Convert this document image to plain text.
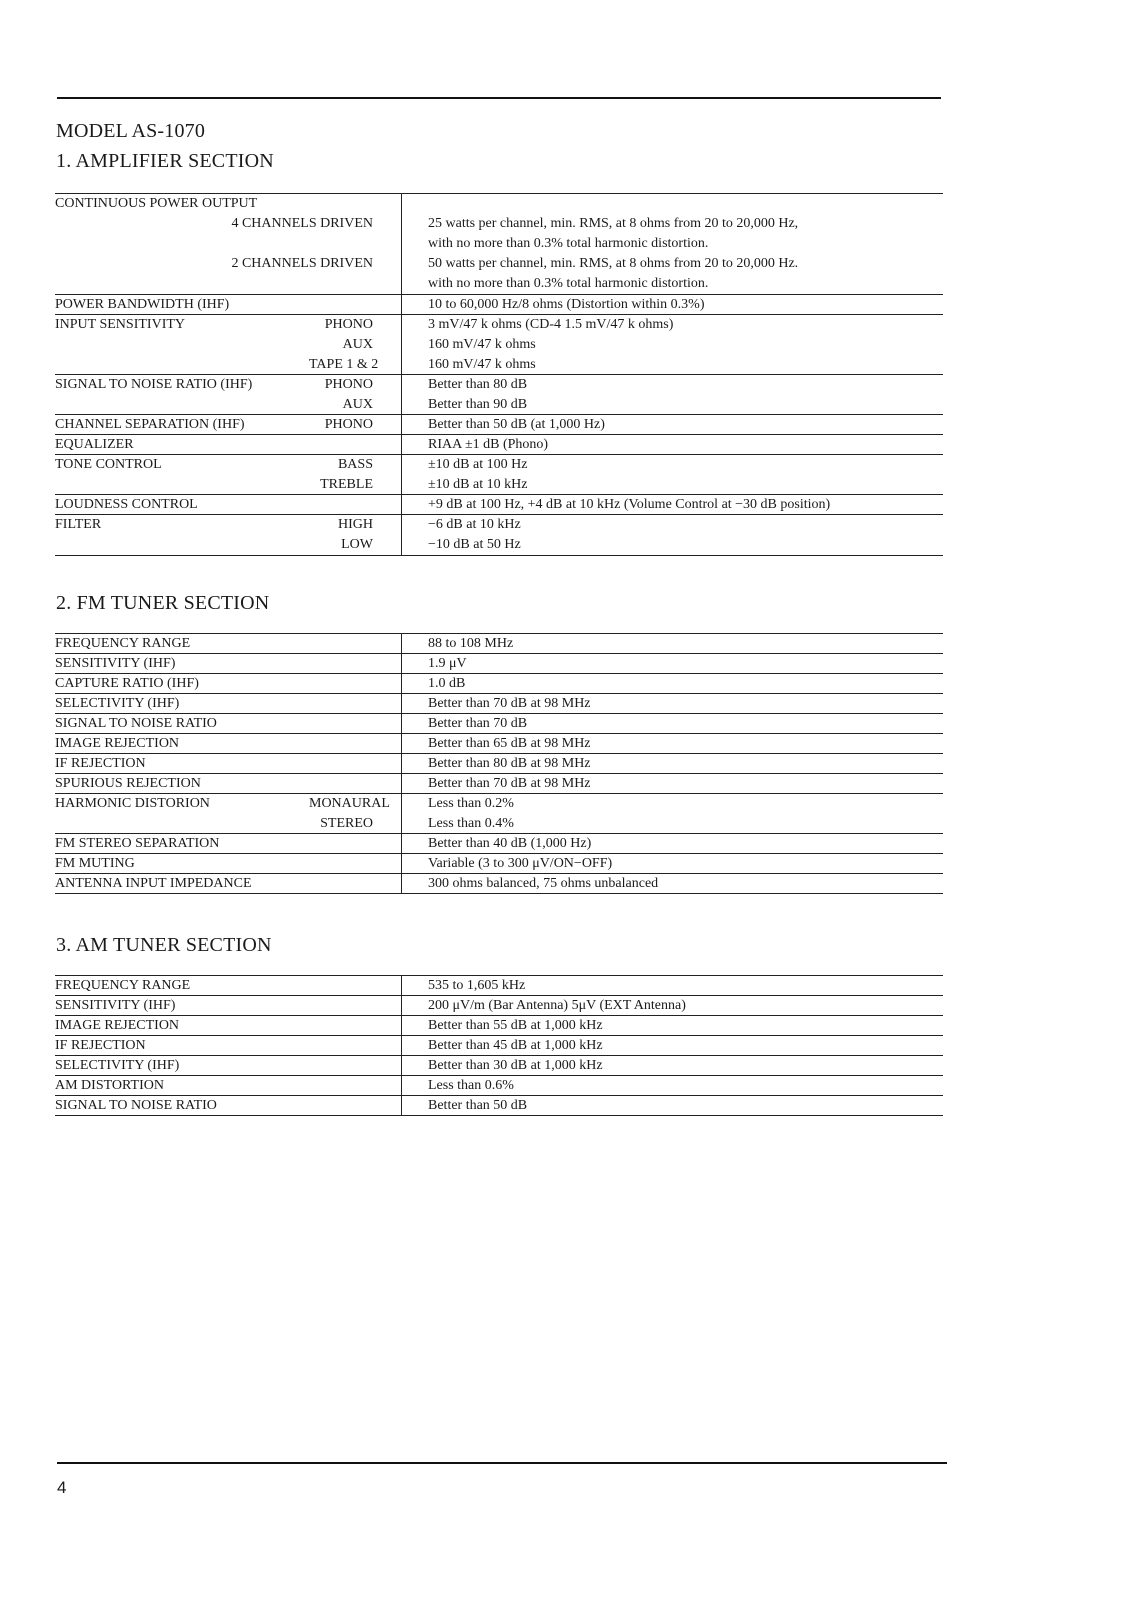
MODEL AS-1070
1. AMPLIFIER SECTION
CONTINUOUS POWER OUTPUT
4 CHANNELS DRIVEN	25 watts per channel, min. RMS, at 8 ohms from 20 to 20,000 Hz,
with no more than 0.3% total harmonic distortion.
2 CHANNELS DRIVEN	50 watts per channel, min. RMS, at 8 ohms from 20 to 20,000 Hz.
with no more than 0.3% total harmonic distortion.
POWER BANDWIDTH (IHF)	10 to 60,000 Hz/8 ohms (Distortion within 0.3%)
INPUT SENSITIVITY	PHONO	3 mV/47 k ohms (CD-4 1.5 mV/47 k ohms)
AUX	160 mV/47 k ohms
TAPE 1 & 2	160 mV/47 k ohms
SIGNAL TO NOISE RATIO (IHF)	PHONO	Better than 80 dB
AUX	Better than 90 dB
CHANNEL SEPARATION (IHF)	PHONO	Better than 50 dB (at 1,000 Hz)
EQUALIZER	RIAA ±1 dB (Phono)
TONE CONTROL	BASS	±10 dB at 100 Hz
TREBLE	±10 dB at 10 kHz
LOUDNESS CONTROL	+9 dB at 100 Hz, +4 dB at 10 kHz (Volume Control at −30 dB position)
FILTER	HIGH	−6 dB at 10 kHz
LOW	−10 dB at 50 Hz
2. FM TUNER SECTION
FREQUENCY RANGE	88 to 108 MHz
SENSITIVITY (IHF)	1.9 μV
CAPTURE RATIO (IHF)	1.0 dB
SELECTIVITY (IHF)	Better than 70 dB at 98 MHz
SIGNAL TO NOISE RATIO	Better than 70 dB
IMAGE REJECTION	Better than 65 dB at 98 MHz
IF REJECTION	Better than 80 dB at 98 MHz
SPURIOUS REJECTION	Better than 70 dB at 98 MHz
HARMONIC DISTORION	MONAURAL	Less than 0.2%
STEREO	Less than 0.4%
FM STEREO SEPARATION	Better than 40 dB (1,000 Hz)
FM MUTING	Variable (3 to 300 μV/ON−OFF)
ANTENNA INPUT IMPEDANCE	300 ohms balanced, 75 ohms unbalanced
3. AM TUNER SECTION
FREQUENCY RANGE	535 to 1,605 kHz
SENSITIVITY (IHF)	200 μV/m (Bar Antenna) 5μV (EXT Antenna)
IMAGE REJECTION	Better than 55 dB at 1,000 kHz
IF REJECTION	Better than 45 dB at 1,000 kHz
SELECTIVITY (IHF)	Better than 30 dB at 1,000 kHz
AM DISTORTION	Less than 0.6%
SIGNAL TO NOISE RATIO	Better than 50 dB
4
